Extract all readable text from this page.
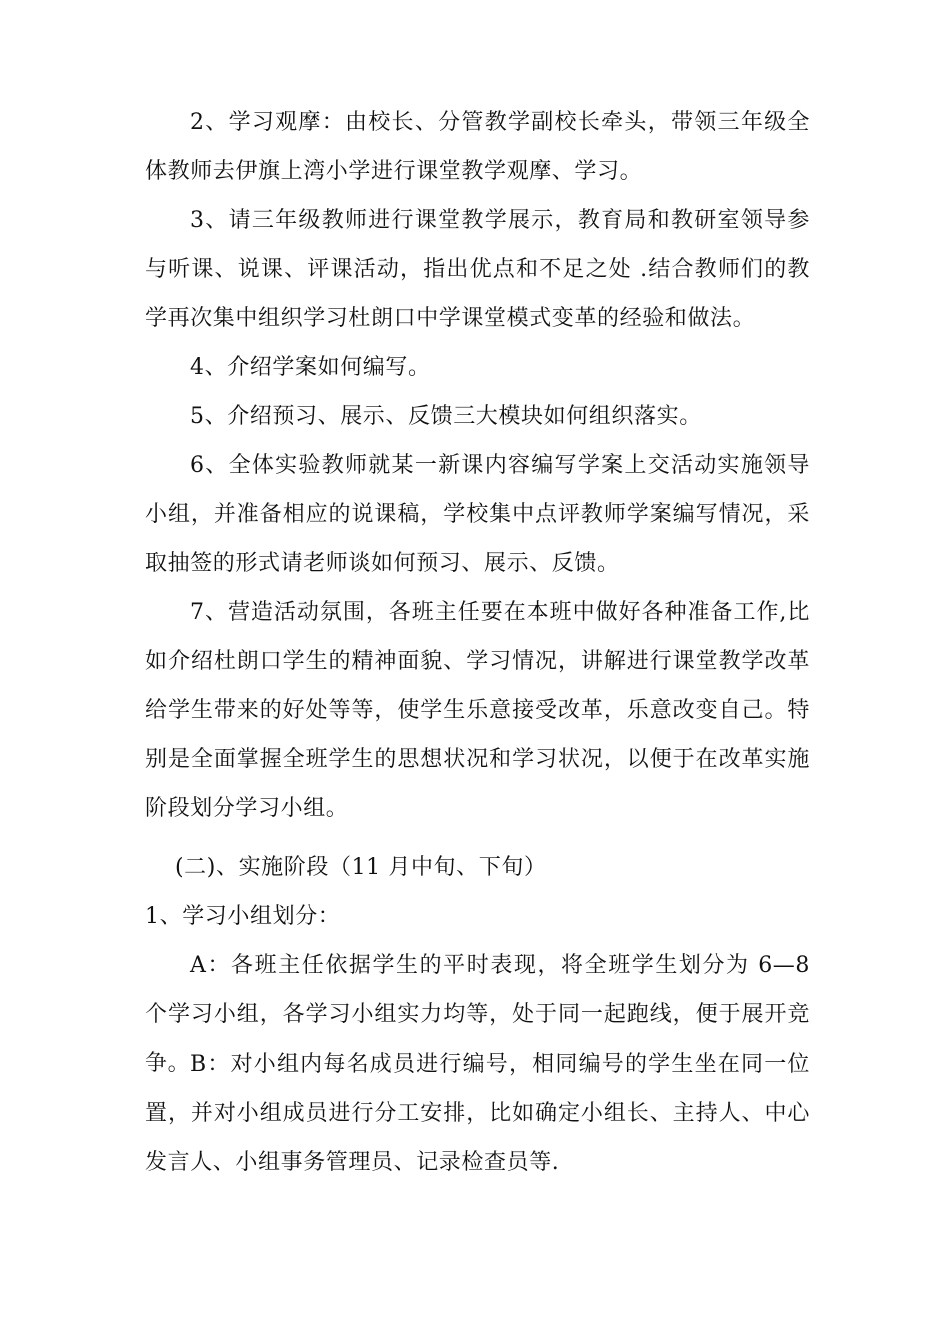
2、学习观摩：由校长、分管教学副校长牵头，带领三年级全体教师去伊旗上湾小学进行课堂教学观摩、学习。

3、请三年级教师进行课堂教学展示，教育局和教研室领导参与听课、说课、评课活动，指出优点和不足之处 .结合教师们的教学再次集中组织学习杜朗口中学课堂模式变革的经验和做法。

4、介绍学案如何编写。

5、介绍预习、展示、反馈三大模块如何组织落实。

6、全体实验教师就某一新课内容编写学案上交活动实施领导小组，并准备相应的说课稿，学校集中点评教师学案编写情况，采取抽签的形式请老师谈如何预习、展示、反馈。

7、营造活动氛围，各班主任要在本班中做好各种准备工作,比如介绍杜朗口学生的精神面貌、学习情况，讲解进行课堂教学改革给学生带来的好处等等，使学生乐意接受改革，乐意改变自己。特别是全面掌握全班学生的思想状况和学习状况，以便于在改革实施阶段划分学习小组。

(二)、实施阶段（11 月中旬、下旬）

1、学习小组划分：

A：各班主任依据学生的平时表现，将全班学生划分为 6—8 个学习小组，各学习小组实力均等，处于同一起跑线，便于展开竞争。 B：对小组内每名成员进行编号，相同编号的学生坐在同一位置，并对小组成员进行分工安排，比如确定小组长、主持人、中心发言人、小组事务管理员、记录检查员等.
